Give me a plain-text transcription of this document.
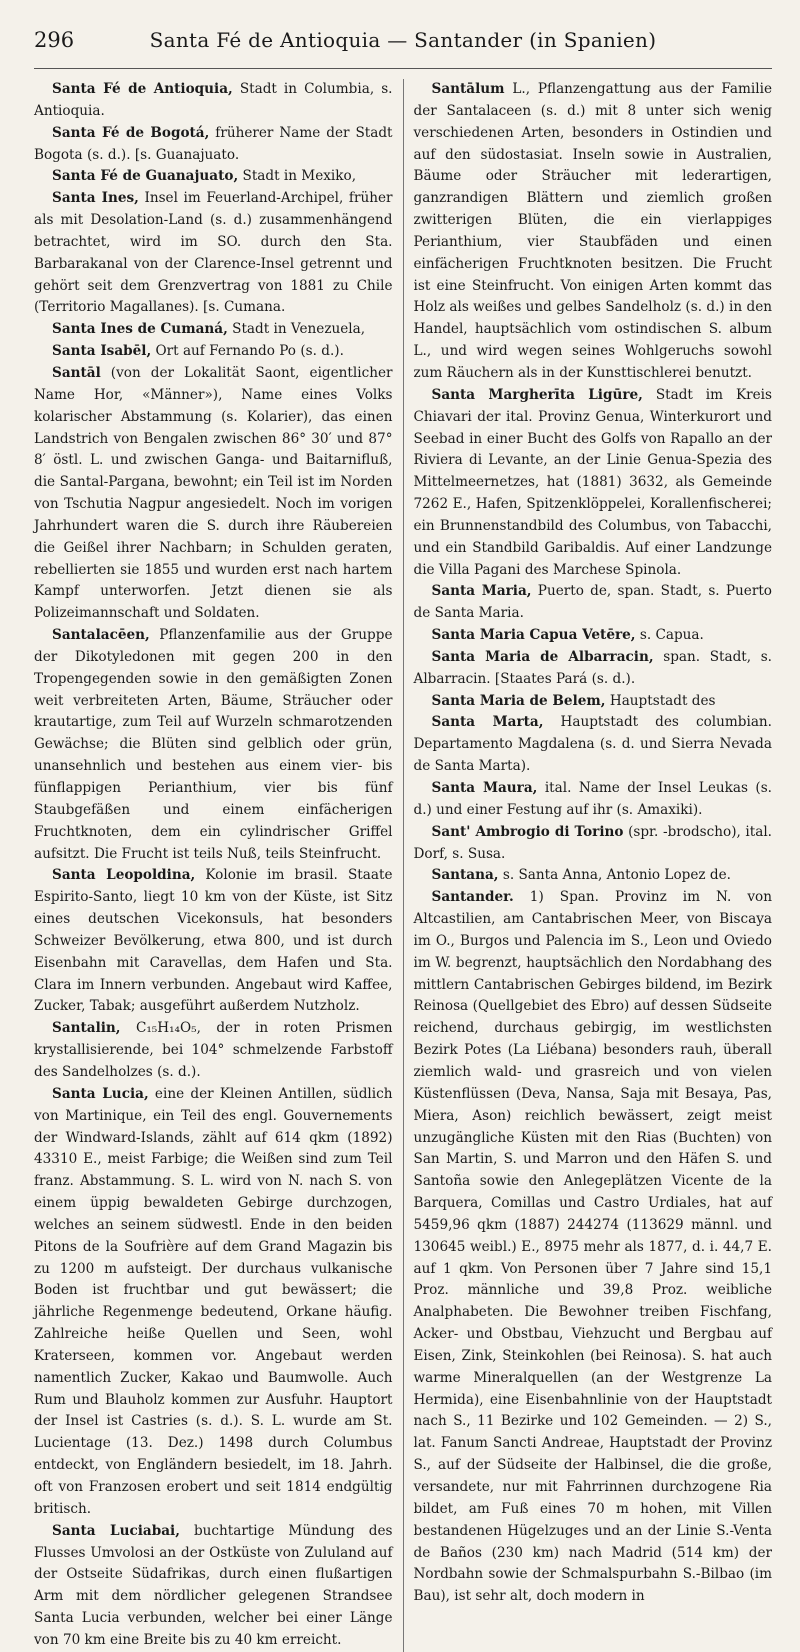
296	Santa Fé de Antioquia — Santander (in Spanien)

Santa Fé de Antioquia, Stadt in Columbia, s. Antioquia.

Santa Fé de Bogotá, früherer Name der Stadt Bogota (s. d.). [s. Guanajuato.

Santa Fé de Guanajuato, Stadt in Mexiko,

Santa Ines, Insel im Feuerland-Archipel, früher als mit Desolation-Land (s. d.) zusammenhängend betrachtet, wird im SO. durch den Sta. Barbarakanal von der Clarence-Insel getrennt und gehört seit dem Grenzvertrag von 1881 zu Chile (Territorio Magallanes). [s. Cumana.

Santa Ines de Cumaná, Stadt in Venezuela,

Santa Isabēl, Ort auf Fernando Po (s. d.).

Santāl (von der Lokalität Saont, eigentlicher Name Hor, «Männer»), Name eines Volks kolarischer Abstammung (s. Kolarier), das einen Landstrich von Bengalen zwischen 86° 30′ und 87° 8′ östl. L. und zwischen Ganga- und Baitarnifluß, die Santal-Pargana, bewohnt; ein Teil ist im Norden von Tschutia Nagpur angesiedelt. Noch im vorigen Jahrhundert waren die S. durch ihre Räubereien die Geißel ihrer Nachbarn; in Schulden geraten, rebellierten sie 1855 und wurden erst nach hartem Kampf unterworfen. Jetzt dienen sie als Polizeimannschaft und Soldaten.

Santalacēen, Pflanzenfamilie aus der Gruppe der Dikotyledonen mit gegen 200 in den Tropengegenden sowie in den gemäßigten Zonen weit verbreiteten Arten, Bäume, Sträucher oder krautartige, zum Teil auf Wurzeln schmarotzenden Gewächse; die Blüten sind gelblich oder grün, unansehnlich und bestehen aus einem vier- bis fünflappigen Perianthium, vier bis fünf Staubgefäßen und einem einfächerigen Fruchtknoten, dem ein cylindrischer Griffel aufsitzt. Die Frucht ist teils Nuß, teils Steinfrucht.

Santa Leopoldina, Kolonie im brasil. Staate Espirito-Santo, liegt 10 km von der Küste, ist Sitz eines deutschen Vicekonsuls, hat besonders Schweizer Bevölkerung, etwa 800, und ist durch Eisenbahn mit Caravellas, dem Hafen und Sta. Clara im Innern verbunden. Angebaut wird Kaffee, Zucker, Tabak; ausgeführt außerdem Nutzholz.

Santalin, C₁₅H₁₄O₅, der in roten Prismen krystallisierende, bei 104° schmelzende Farbstoff des Sandelholzes (s. d.).

Santa Lucia, eine der Kleinen Antillen, südlich von Martinique, ein Teil des engl. Gouvernements der Windward-Islands, zählt auf 614 qkm (1892) 43310 E., meist Farbige; die Weißen sind zum Teil franz. Abstammung. S. L. wird von N. nach S. von einem üppig bewaldeten Gebirge durchzogen, welches an seinem südwestl. Ende in den beiden Pitons de la Soufrière auf dem Grand Magazin bis zu 1200 m aufsteigt. Der durchaus vulkanische Boden ist fruchtbar und gut bewässert; die jährliche Regenmenge bedeutend, Orkane häufig. Zahlreiche heiße Quellen und Seen, wohl Kraterseen, kommen vor. Angebaut werden namentlich Zucker, Kakao und Baumwolle. Auch Rum und Blauholz kommen zur Ausfuhr. Hauptort der Insel ist Castries (s. d.). S. L. wurde am St. Lucientage (13. Dez.) 1498 durch Columbus entdeckt, von Engländern besiedelt, im 18. Jahrh. oft von Franzosen erobert und seit 1814 endgültig britisch.

Santa Luciabai, buchtartige Mündung des Flusses Umvolosi an der Ostküste von Zululand auf der Ostseite Südafrikas, durch einen flußartigen Arm mit dem nördlicher gelegenen Strandsee Santa Lucia verbunden, welcher bei einer Länge von 70 km eine Breite bis zu 40 km erreicht.

Santālum L., Pflanzengattung aus der Familie der Santalaceen (s. d.) mit 8 unter sich wenig verschiedenen Arten, besonders in Ostindien und auf den südostasiat. Inseln sowie in Australien, Bäume oder Sträucher mit lederartigen, ganzrandigen Blättern und ziemlich großen zwitterigen Blüten, die ein vierlappiges Perianthium, vier Staubfäden und einen einfächerigen Fruchtknoten besitzen. Die Frucht ist eine Steinfrucht. Von einigen Arten kommt das Holz als weißes und gelbes Sandelholz (s. d.) in den Handel, hauptsächlich vom ostindischen S. album L., und wird wegen seines Wohlgeruchs sowohl zum Räuchern als in der Kunsttischlerei benutzt.

Santa Margherīta Ligūre, Stadt im Kreis Chiavari der ital. Provinz Genua, Winterkurort und Seebad in einer Bucht des Golfs von Rapallo an der Riviera di Levante, an der Linie Genua-Spezia des Mittelmeernetzes, hat (1881) 3632, als Gemeinde 7262 E., Hafen, Spitzenklöppelei, Korallenfischerei; ein Brunnenstandbild des Columbus, von Tabacchi, und ein Standbild Garibaldis. Auf einer Landzunge die Villa Pagani des Marchese Spinola.

Santa Maria, Puerto de, span. Stadt, s. Puerto de Santa Maria.

Santa Maria Capua Vetēre, s. Capua.

Santa Maria de Albarracin, span. Stadt, s. Albarracin. [Staates Pará (s. d.).

Santa Maria de Belem, Hauptstadt des

Santa Marta, Hauptstadt des columbian. Departamento Magdalena (s. d. und Sierra Nevada de Santa Marta).

Santa Maura, ital. Name der Insel Leukas (s. d.) und einer Festung auf ihr (s. Amaxiki).

Sant' Ambrogio di Torino (spr. -brodscho), ital. Dorf, s. Susa.

Santana, s. Santa Anna, Antonio Lopez de.

Santander. 1) Span. Provinz im N. von Altcastilien, am Cantabrischen Meer, von Biscaya im O., Burgos und Palencia im S., Leon und Oviedo im W. begrenzt, hauptsächlich den Nordabhang des mittlern Cantabrischen Gebirges bildend, im Bezirk Reinosa (Quellgebiet des Ebro) auf dessen Südseite reichend, durchaus gebirgig, im westlichsten Bezirk Potes (La Liébana) besonders rauh, überall ziemlich wald- und grasreich und von vielen Küstenflüssen (Deva, Nansa, Saja mit Besaya, Pas, Miera, Ason) reichlich bewässert, zeigt meist unzugängliche Küsten mit den Rias (Buchten) von San Martin, S. und Marron und den Häfen S. und Santoña sowie den Anlegeplätzen Vicente de la Barquera, Comillas und Castro Urdiales, hat auf 5459,96 qkm (1887) 244274 (113629 männl. und 130645 weibl.) E., 8975 mehr als 1877, d. i. 44,7 E. auf 1 qkm. Von Personen über 7 Jahre sind 15,1 Proz. männliche und 39,8 Proz. weibliche Analphabeten. Die Bewohner treiben Fischfang, Acker- und Obstbau, Viehzucht und Bergbau auf Eisen, Zink, Steinkohlen (bei Reinosa). S. hat auch warme Mineralquellen (an der Westgrenze La Hermida), eine Eisenbahnlinie von der Hauptstadt nach S., 11 Bezirke und 102 Gemeinden. — 2) S., lat. Fanum Sancti Andreae, Hauptstadt der Provinz S., auf der Südseite der Halbinsel, die die große, versandete, nur mit Fahrrinnen durchzogene Ria bildet, am Fuß eines 70 m hohen, mit Villen bestandenen Hügelzuges und an der Linie S.-Venta de Baños (230 km) nach Madrid (514 km) der Nordbahn sowie der Schmalspurbahn S.-Bilbao (im Bau), ist sehr alt, doch modern in
